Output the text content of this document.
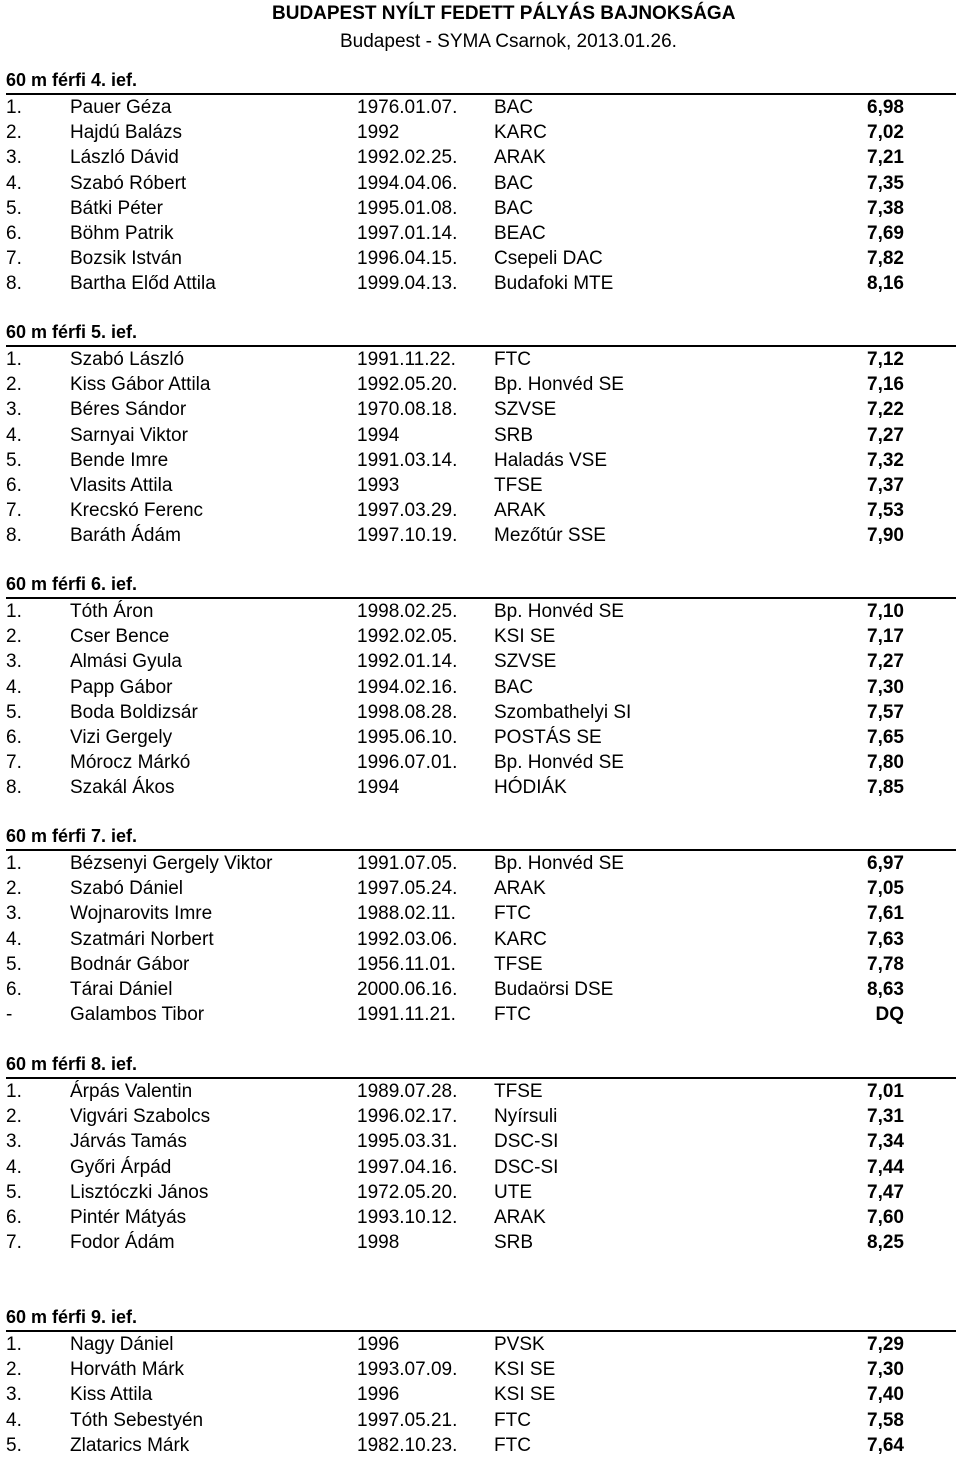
BUDAPEST NYÍLT FEDETT PÁLYÁS BAJNOKSÁGA
Budapest - SYMA Csarnok, 2013.01.26.
60 m férfi 4. ief.
1.	Pauer Géza	1976.01.07. BAC	6,98
2.	Hajdú Balázs	1992	KARC	7,02
3.	László Dávid	1992.02.25. ARAK	7,21
4.	Szabó Róbert	1994.04.06. BAC	7,35
5.	Bátki Péter	1995.01.08. BAC	7,38
6.	Böhm Patrik	1997.01.14. BEAC	7,69
7.	Bozsik István	1996.04.15. Csepeli DAC	7,82
8.	Bartha Előd Attila	1999.04.13. Budafoki MTE	8,16
60 m férfi 5. ief.
1.	Szabó László	1991.11.22. FTC	7,12
2.	Kiss Gábor Attila	1992.05.20. Bp. Honvéd SE	7,16
3.	Béres Sándor	1970.08.18. SZVSE	7,22
4.	Sarnyai Viktor	1994	SRB	7,27
5.	Bende Imre	1991.03.14. Haladás VSE	7,32
6.	Vlasits Attila	1993	TFSE	7,37
7.	Krecskó Ferenc	1997.03.29. ARAK	7,53
8.	Baráth Ádám	1997.10.19. Mezőtúr SSE	7,90
60 m férfi 6. ief.
1.	Tóth Áron	1998.02.25. Bp. Honvéd SE	7,10
2.	Cser Bence	1992.02.05. KSI SE	7,17
3.	Almási Gyula	1992.01.14. SZVSE	7,27
4.	Papp Gábor	1994.02.16. BAC	7,30
5.	Boda Boldizsár	1998.08.28. Szombathelyi SI	7,57
6.	Vizi Gergely	1995.06.10. POSTÁS SE	7,65
7.	Mórocz Márkó	1996.07.01. Bp. Honvéd SE	7,80
8.	Szakál Ákos	1994	HÓDIÁK	7,85
60 m férfi 7. ief.
1.	Bézsenyi Gergely Viktor	1991.07.05. Bp. Honvéd SE	6,97
2.	Szabó Dániel	1997.05.24. ARAK	7,05
3.	Wojnarovits Imre	1988.02.11. FTC	7,61
4.	Szatmári Norbert	1992.03.06. KARC	7,63
5.	Bodnár Gábor	1956.11.01. TFSE	7,78
6.	Tárai Dániel	2000.06.16. Budaörsi DSE	8,63
-	Galambos Tibor	1991.11.21. FTC	DQ
60 m férfi 8. ief.
1.	Árpás Valentin	1989.07.28. TFSE	7,01
2.	Vigvári Szabolcs	1996.02.17. Nyírsuli	7,31
3.	Járvás Tamás	1995.03.31. DSC-SI	7,34
4.	Győri Árpád	1997.04.16. DSC-SI	7,44
5.	Lisztóczki János	1972.05.20. UTE	7,47
6.	Pintér Mátyás	1993.10.12. ARAK	7,60
7.	Fodor Ádám	1998	SRB	8,25
60 m férfi 9. ief.
1.	Nagy Dániel	1996	PVSK	7,29
2.	Horváth Márk	1993.07.09. KSI SE	7,30
3.	Kiss Attila	1996	KSI SE	7,40
4.	Tóth Sebestyén	1997.05.21. FTC	7,58
5.	Zlatarics Márk	1982.10.23. FTC	7,64
